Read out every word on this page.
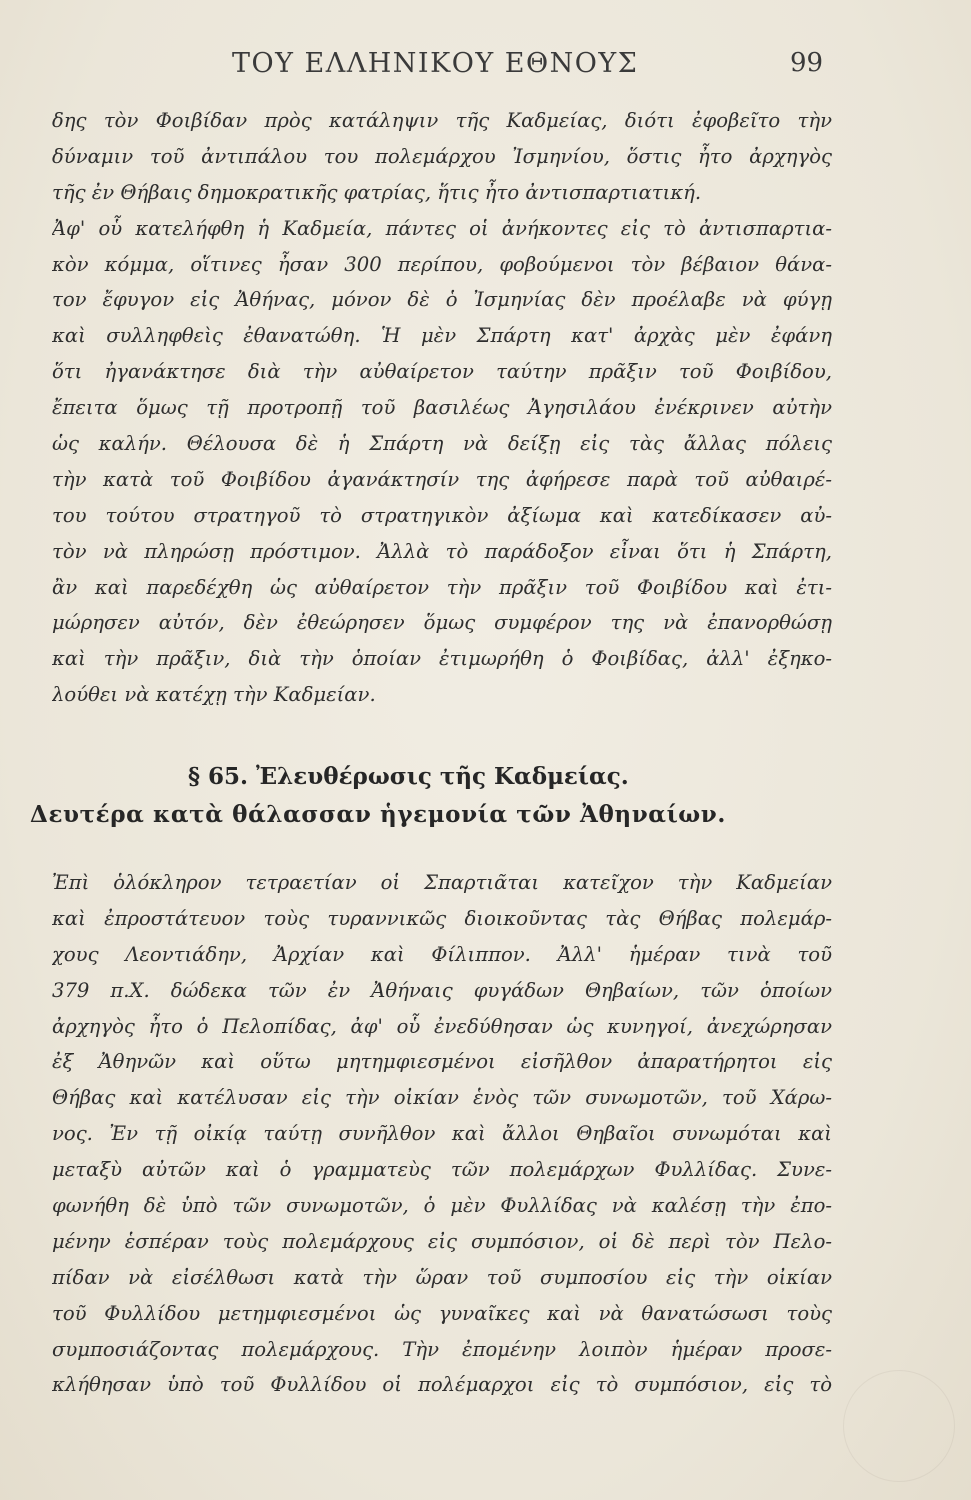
ΤΟΥ ΕΛΛΗΝΙΚΟΥ ΕΘΝΟΥΣ	99
δης τὸν Φοιβίδαν πρὸς κατάληψιν τῆς Καδμείας, διότι ἐφοβεῖτο τὴν
δύναμιν τοῦ ἀντιπάλου του πολεμάρχου Ἰσμηνίου, ὅστις ἦτο ἀρχηγὸς
τῆς ἐν Θήβαις δημοκρατικῆς φατρίας, ἥτις ἦτο ἀντισπαρτιατική.
Ἀφ' οὗ κατελήφθη ἡ Καδμεία, πάντες οἱ ἀνήκοντες εἰς τὸ ἀντισπαρτια-
κὸν κόμμα, οἵτινες ἦσαν 300 περίπου, φοβούμενοι τὸν βέβαιον θάνα-
τον ἔφυγον εἰς Ἀθήνας, μόνον δὲ ὁ Ἰσμηνίας δὲν προέλαβε νὰ φύγῃ
καὶ συλληφθεὶς ἐθανατώθη. Ἡ μὲν Σπάρτη κατ' ἀρχὰς μὲν ἐφάνη
ὅτι ἠγανάκτησε διὰ τὴν αὐθαίρετον ταύτην πρᾶξιν τοῦ Φοιβίδου,
ἔπειτα ὅμως τῇ προτροπῇ τοῦ βασιλέως Ἀγησιλάου ἐνέκρινεν αὐτὴν
ὡς καλήν. Θέλουσα δὲ ἡ Σπάρτη νὰ δείξῃ εἰς τὰς ἄλλας πόλεις
τὴν κατὰ τοῦ Φοιβίδου ἀγανάκτησίν της ἀφήρεσε παρὰ τοῦ αὐθαιρέ-
του τούτου στρατηγοῦ τὸ στρατηγικὸν ἀξίωμα καὶ κατεδίκασεν αὐ-
τὸν νὰ πληρώσῃ πρόστιμον. Ἀλλὰ τὸ παράδοξον εἶναι ὅτι ἡ Σπάρτη,
ἂν καὶ παρεδέχθη ὡς αὐθαίρετον τὴν πρᾶξιν τοῦ Φοιβίδου καὶ ἐτι-
μώρησεν αὐτόν, δὲν ἐθεώρησεν ὅμως συμφέρον της νὰ ἐπανορθώσῃ
καὶ τὴν πρᾶξιν, διὰ τὴν ὁποίαν ἐτιμωρήθη ὁ Φοιβίδας, ἀλλ' ἐξηκο-
λούθει νὰ κατέχῃ τὴν Καδμείαν.
§ 65. Ἐλευθέρωσις τῆς Καδμείας.
Δευτέρα κατὰ θάλασσαν ἡγεμονία τῶν Ἀθηναίων.
Ἐπὶ ὁλόκληρον τετραετίαν οἱ Σπαρτιᾶται κατεῖχον τὴν Καδμείαν
καὶ ἐπροστάτευον τοὺς τυραννικῶς διοικοῦντας τὰς Θήβας πολεμάρ-
χους Λεοντιάδην, Ἀρχίαν καὶ Φίλιππον. Ἀλλ' ἡμέραν τινὰ τοῦ
379 π.Χ. δώδεκα τῶν ἐν Ἀθήναις φυγάδων Θηβαίων, τῶν ὁποίων
ἀρχηγὸς ἦτο ὁ Πελοπίδας, ἀφ' οὗ ἐνεδύθησαν ὡς κυνηγοί, ἀνεχώρησαν
ἐξ Ἀθηνῶν καὶ οὕτω μητημφιεσμένοι εἰσῆλθον ἀπαρατήρητοι εἰς
Θήβας καὶ κατέλυσαν εἰς τὴν οἰκίαν ἑνὸς τῶν συνωμοτῶν, τοῦ Χάρω-
νος. Ἐν τῇ οἰκίᾳ ταύτῃ συνῆλθον καὶ ἄλλοι Θηβαῖοι συνωμόται καὶ
μεταξὺ αὐτῶν καὶ ὁ γραμματεὺς τῶν πολεμάρχων Φυλλίδας. Συνε-
φωνήθη δὲ ὑπὸ τῶν συνωμοτῶν, ὁ μὲν Φυλλίδας νὰ καλέσῃ τὴν ἐπο-
μένην ἑσπέραν τοὺς πολεμάρχους εἰς συμπόσιον, οἱ δὲ περὶ τὸν Πελο-
πίδαν νὰ εἰσέλθωσι κατὰ τὴν ὥραν τοῦ συμποσίου εἰς τὴν οἰκίαν
τοῦ Φυλλίδου μετημφιεσμένοι ὡς γυναῖκες καὶ νὰ θανατώσωσι τοὺς
συμποσιάζοντας πολεμάρχους. Τὴν ἐπομένην λοιπὸν ἡμέραν προσε-
κλήθησαν ὑπὸ τοῦ Φυλλίδου οἱ πολέμαρχοι εἰς τὸ συμπόσιον, εἰς τὸ
